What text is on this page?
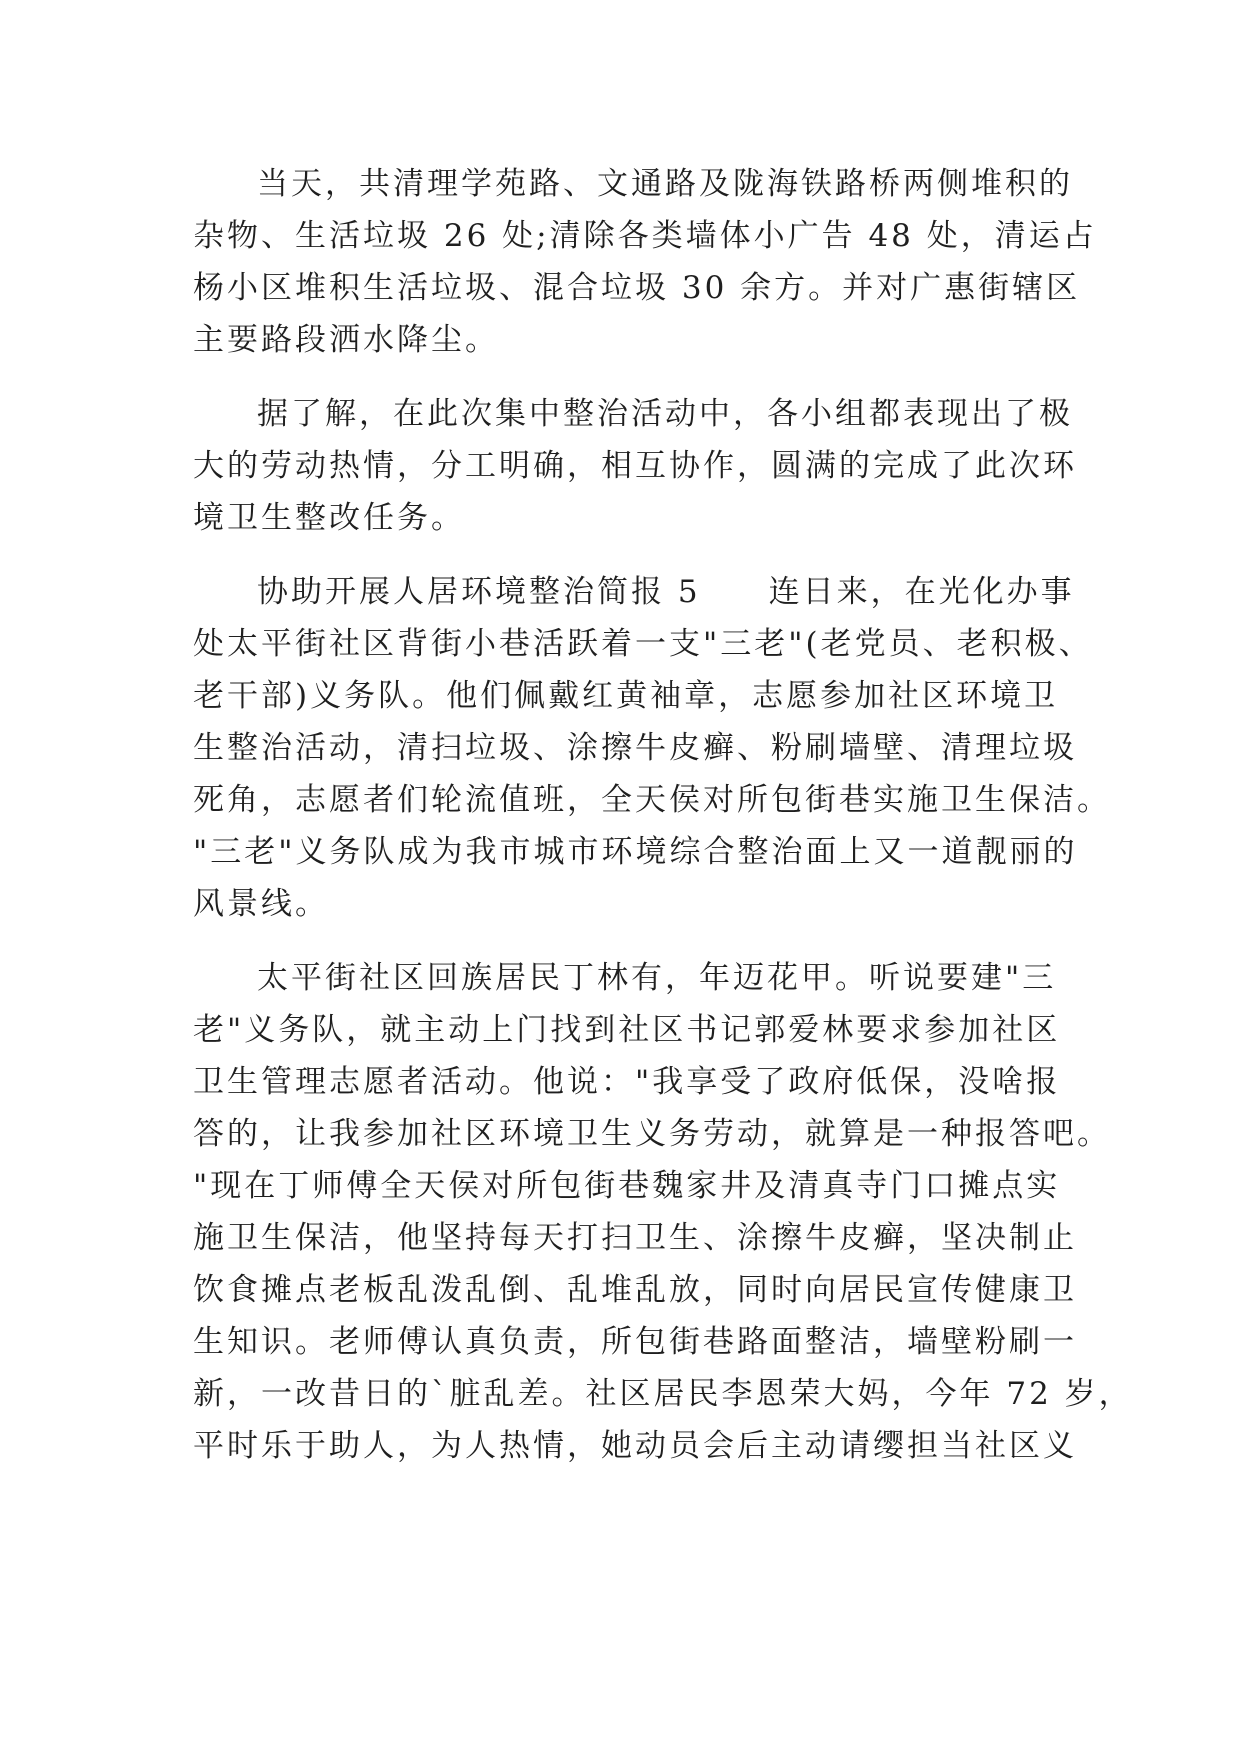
当天，共清理学苑路、文通路及陇海铁路桥两侧堆积的
杂物、生活垃圾 26 处;清除各类墙体小广告 48 处，清运占
杨小区堆积生活垃圾、混合垃圾 30 余方。并对广惠街辖区
主要路段洒水降尘。
据了解，在此次集中整治活动中，各小组都表现出了极
大的劳动热情，分工明确，相互协作，圆满的完成了此次环
境卫生整改任务。
协助开展人居环境整治简报 5　　连日来，在光化办事
处太平街社区背街小巷活跃着一支"三老"(老党员、老积极、
老干部)义务队。他们佩戴红黄袖章，志愿参加社区环境卫
生整治活动，清扫垃圾、涂擦牛皮癣、粉刷墙壁、清理垃圾
死角，志愿者们轮流值班，全天侯对所包街巷实施卫生保洁。
"三老"义务队成为我市城市环境综合整治面上又一道靓丽的
风景线。
太平街社区回族居民丁林有，年迈花甲。听说要建"三
老"义务队，就主动上门找到社区书记郭爱林要求参加社区
卫生管理志愿者活动。他说："我享受了政府低保，没啥报
答的，让我参加社区环境卫生义务劳动，就算是一种报答吧。
"现在丁师傅全天侯对所包街巷魏家井及清真寺门口摊点实
施卫生保洁，他坚持每天打扫卫生、涂擦牛皮癣，坚决制止
饮食摊点老板乱泼乱倒、乱堆乱放，同时向居民宣传健康卫
生知识。老师傅认真负责，所包街巷路面整洁，墙壁粉刷一
新，一改昔日的`脏乱差。社区居民李恩荣大妈，今年 72 岁，
平时乐于助人，为人热情，她动员会后主动请缨担当社区义
